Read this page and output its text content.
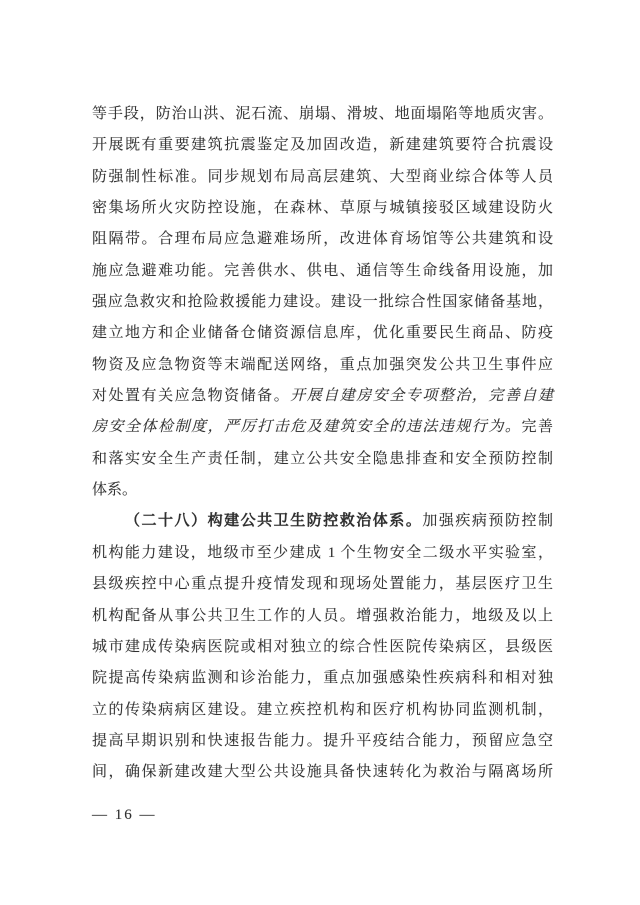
等手段，防治山洪、泥石流、崩塌、滑坡、地面塌陷等地质灾害。
开展既有重要建筑抗震鉴定及加固改造，新建建筑要符合抗震设
防强制性标准。同步规划布局高层建筑、大型商业综合体等人员
密集场所火灾防控设施，在森林、草原与城镇接驳区域建设防火
阻隔带。合理布局应急避难场所，改进体育场馆等公共建筑和设
施应急避难功能。完善供水、供电、通信等生命线备用设施，加
强应急救灾和抢险救援能力建设。建设一批综合性国家储备基地，
建立地方和企业储备仓储资源信息库，优化重要民生商品、防疫
物资及应急物资等末端配送网络，重点加强突发公共卫生事件应
对处置有关应急物资储备。开展自建房安全专项整治，完善自建
房安全体检制度，严厉打击危及建筑安全的违法违规行为。完善
和落实安全生产责任制，建立公共安全隐患排查和安全预防控制
体系。
（二十八）构建公共卫生防控救治体系。加强疾病预防控制
机构能力建设，地级市至少建成 1 个生物安全二级水平实验室，
县级疾控中心重点提升疫情发现和现场处置能力，基层医疗卫生
机构配备从事公共卫生工作的人员。增强救治能力，地级及以上
城市建成传染病医院或相对独立的综合性医院传染病区，县级医
院提高传染病监测和诊治能力，重点加强感染性疾病科和相对独
立的传染病病区建设。建立疾控机构和医疗机构协同监测机制，
提高早期识别和快速报告能力。提升平疫结合能力，预留应急空
间，确保新建改建大型公共设施具备快速转化为救治与隔离场所
— 16 —
